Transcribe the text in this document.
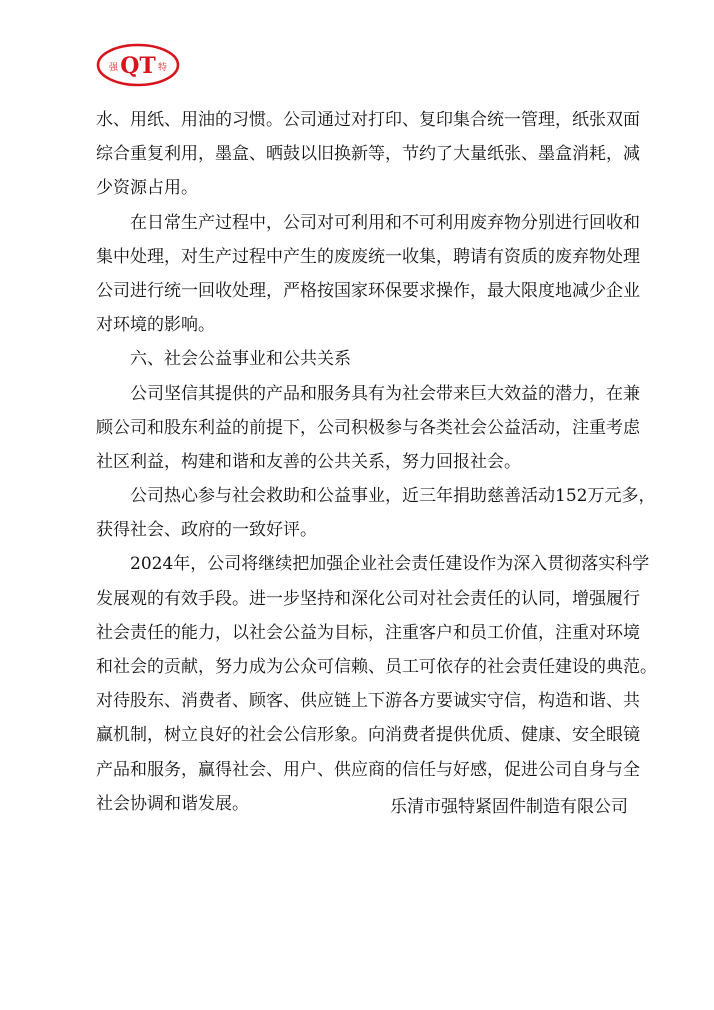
强 QT 特
水、用纸、用油的习惯。公司通过对打印、复印集合统一管理，纸张双面
综合重复利用，墨盒、晒鼓以旧换新等，节约了大量纸张、墨盒消耗，减
少资源占用。
在日常生产过程中，公司对可利用和不可利用废弃物分别进行回收和
集中处理，对生产过程中产生的废废统一收集，聘请有资质的废弃物处理
公司进行统一回收处理，严格按国家环保要求操作，最大限度地减少企业
对环境的影响。
六、社会公益事业和公共关系
公司坚信其提供的产品和服务具有为社会带来巨大效益的潜力，在兼
顾公司和股东利益的前提下，公司积极参与各类社会公益活动，注重考虑
社区利益，构建和谐和友善的公共关系，努力回报社会。
公司热心参与社会救助和公益事业，近三年捐助慈善活动152万元多，
获得社会、政府的一致好评。
2024年，公司将继续把加强企业社会责任建设作为深入贯彻落实科学
发展观的有效手段。进一步坚持和深化公司对社会责任的认同，增强履行
社会责任的能力，以社会公益为目标，注重客户和员工价值，注重对环境
和社会的贡献，努力成为公众可信赖、员工可依存的社会责任建设的典范。
对待股东、消费者、顾客、供应链上下游各方要诚实守信，构造和谐、共
赢机制，树立良好的社会公信形象。向消费者提供优质、健康、安全眼镜
产品和服务，赢得社会、用户、供应商的信任与好感，促进公司自身与全
社会协调和谐发展。	乐清市强特紧固件制造有限公司
